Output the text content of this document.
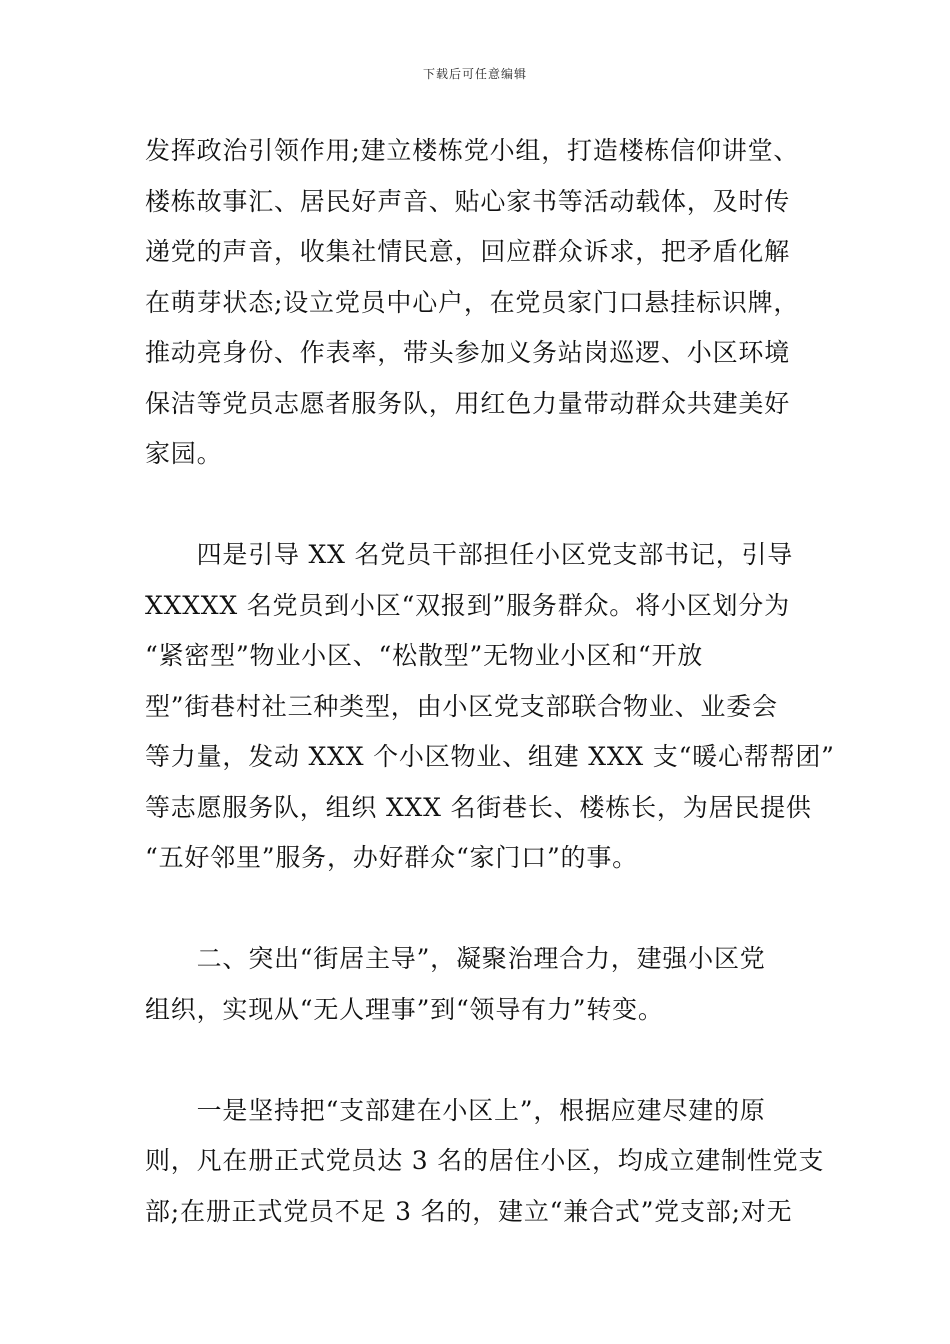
下载后可任意编辑
发挥政治引领作用;建立楼栋党小组，打造楼栋信仰讲堂、
楼栋故事汇、居民好声音、贴心家书等活动载体，及时传
递党的声音，收集社情民意，回应群众诉求，把矛盾化解
在萌芽状态;设立党员中心户，在党员家门口悬挂标识牌，
推动亮身份、作表率，带头参加义务站岗巡逻、小区环境
保洁等党员志愿者服务队，用红色力量带动群众共建美好
家园。
　　四是引导 XX 名党员干部担任小区党支部书记，引导
XXXXX 名党员到小区“双报到”服务群众。将小区划分为
“紧密型”物业小区、“松散型”无物业小区和“开放
型”街巷村社三种类型，由小区党支部联合物业、业委会
等力量，发动 XXX 个小区物业、组建 XXX 支“暖心帮帮团”
等志愿服务队，组织 XXX 名街巷长、楼栋长，为居民提供
“五好邻里”服务，办好群众“家门口”的事。
　　二、突出“街居主导”，凝聚治理合力，建强小区党
组织，实现从“无人理事”到“领导有力”转变。
　　一是坚持把“支部建在小区上”，根据应建尽建的原
则，凡在册正式党员达 3 名的居住小区，均成立建制性党支
部;在册正式党员不足 3 名的，建立“兼合式”党支部;对无
